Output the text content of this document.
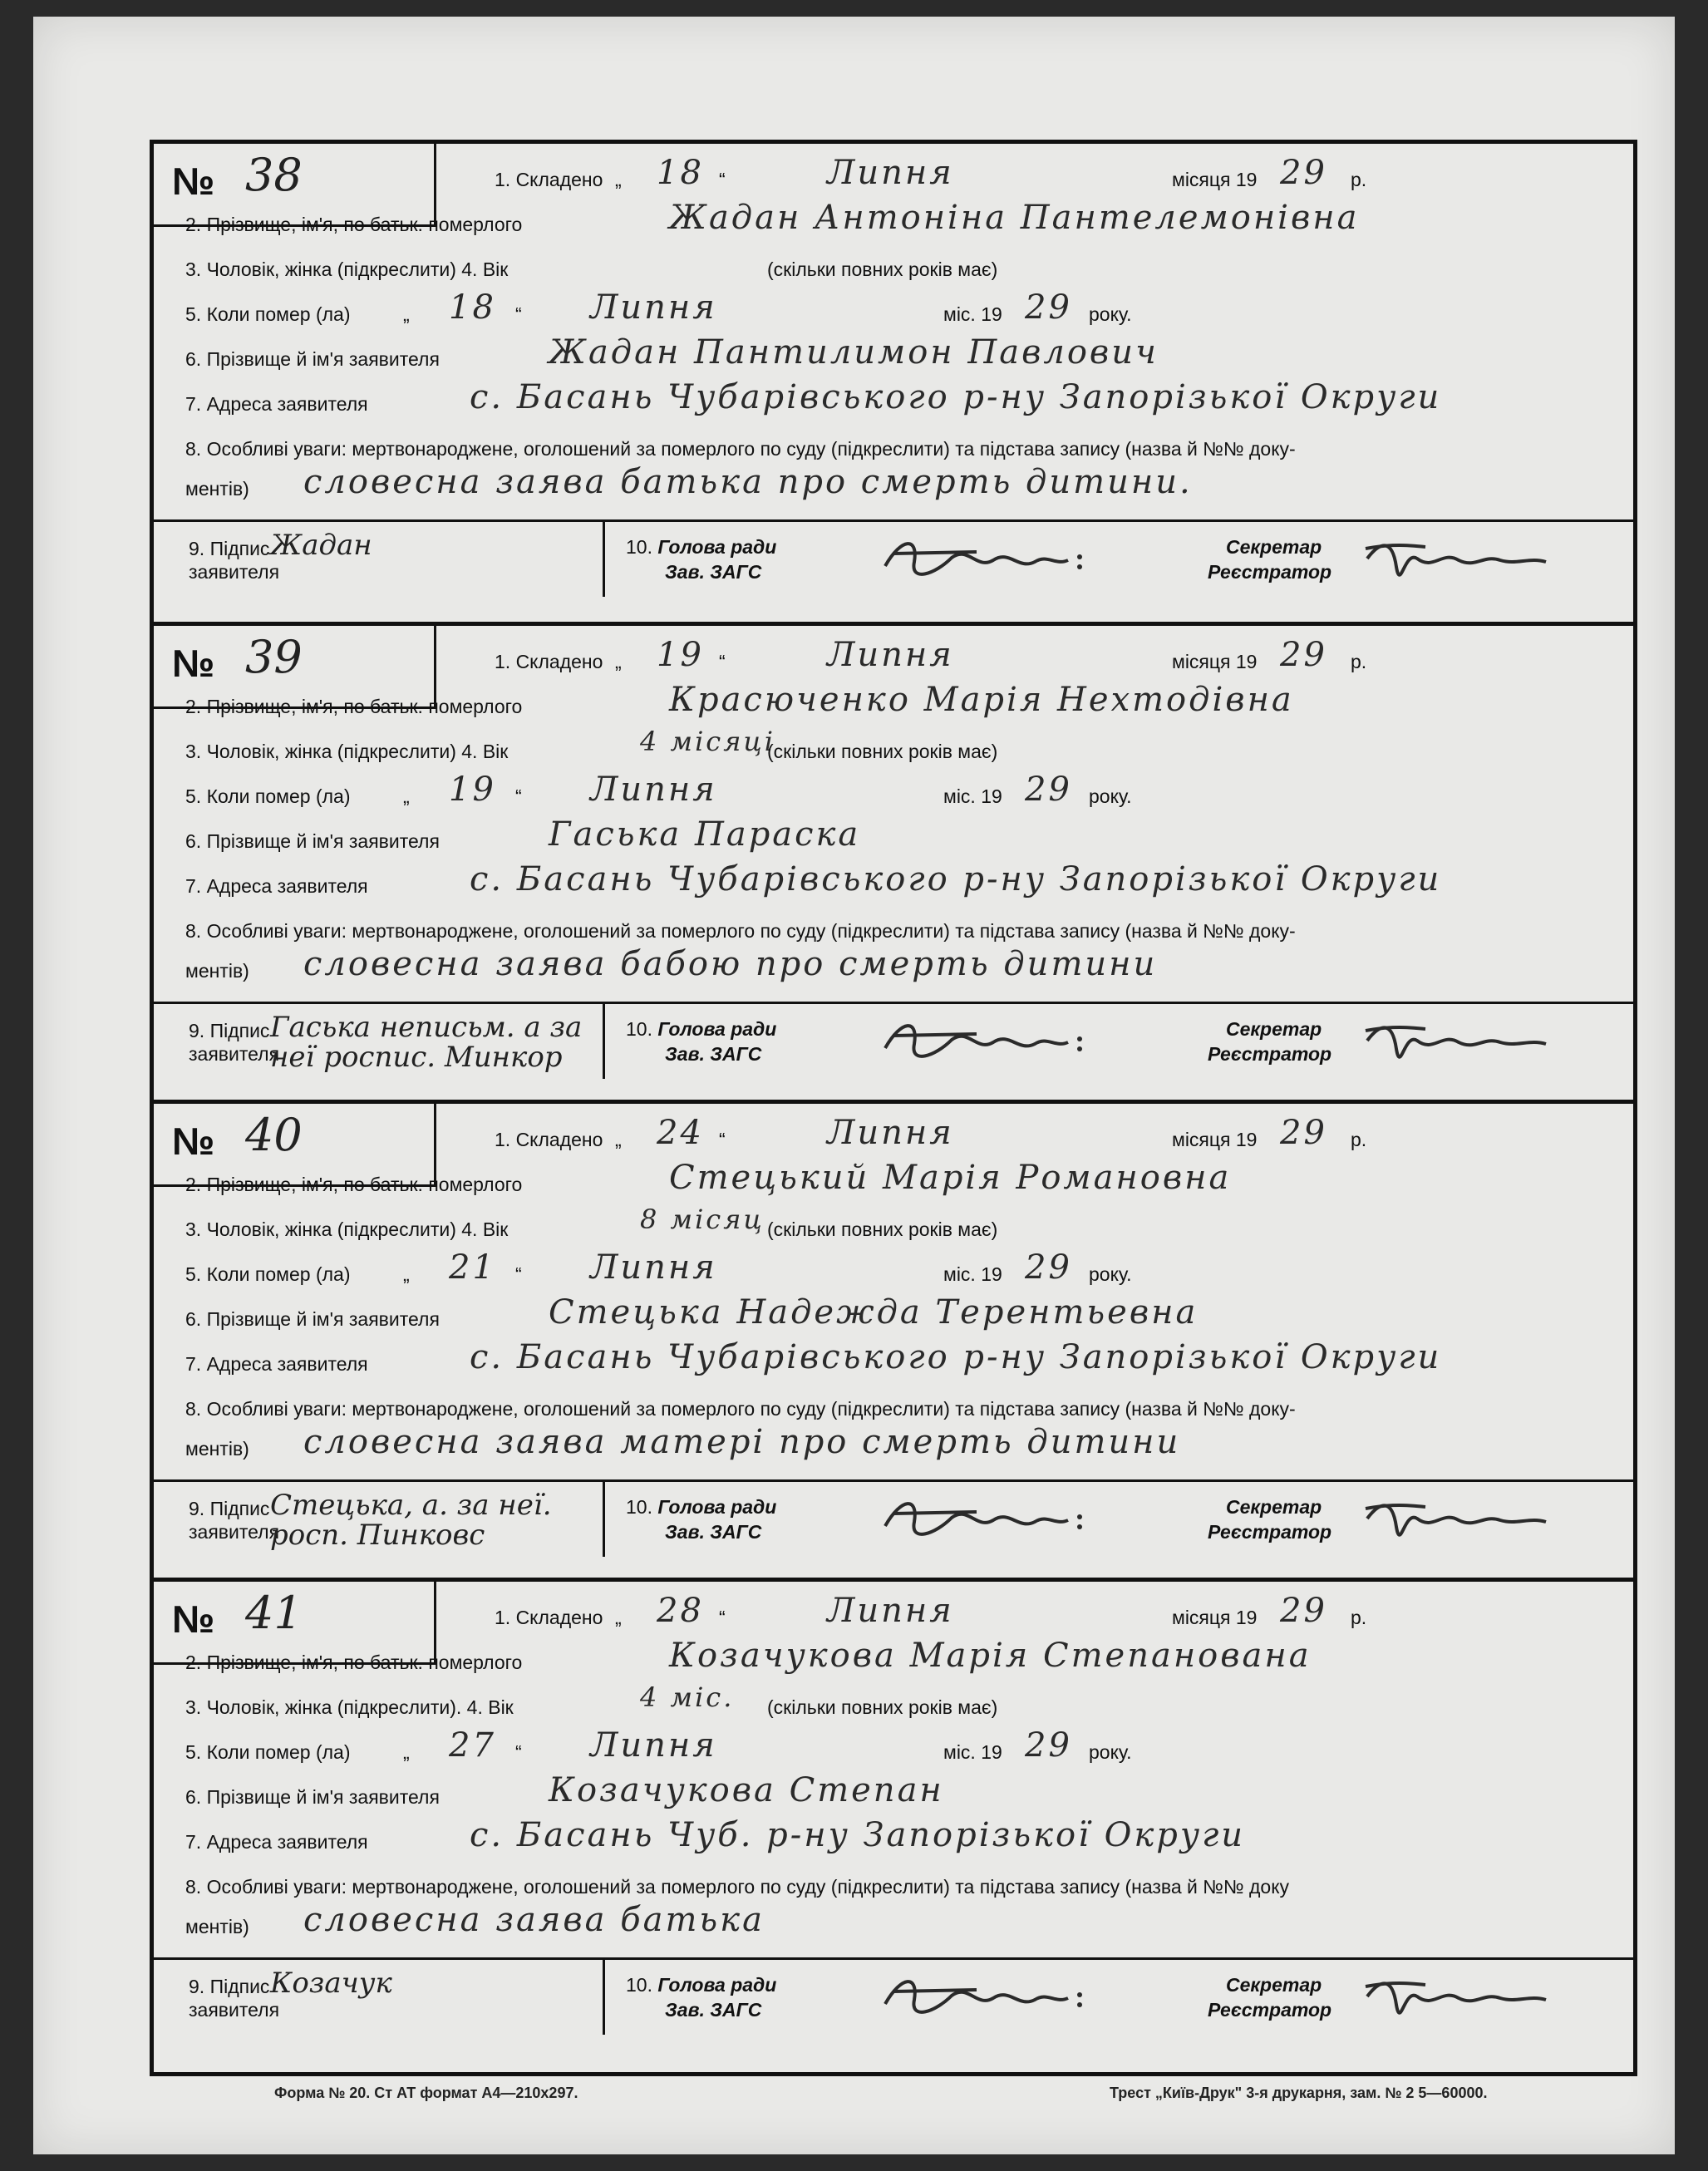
№ 38	1. Складено „ 18 “	Липня	місяця 19 29 р.
2. Прізвище, ім'я, по батьк. померлого	Жадан Антоніна Пантелемонівна
3. Чоловік, жінка (підкреслити) 4. Вік	(скільки повних років має)
5. Коли помер (ла)	„ 18 “ Липня	міс. 19 29 року.
6. Прізвище й ім'я заявителя	Жадан Пантилимон Павлович
7. Адреса заявителя	с. Басань Чубарівського р-ну Запорізької Округи
8. Особливі уваги: мертвонароджене, оголошений за померлого по суду (підкреслити) та підстава запису (назва й №№ доку-
ментів) словесна заява батька про смерть дитини.
9. Підпис заявителя
Жадан	10. Голова ради
Зав. ЗАГС
Секретар
Реєстратор
№ 39	1. Складено „ 19 “	Липня	місяця 19 29 р.
2. Прізвище, ім'я, по батьк. померлого	Красюченко Марія Нехтодівна
3. Чоловік, жінка (підкреслити) 4. Вік	4 місяці
(скільки повних років має)
5. Коли помер (ла)	„ 19 “ Липня	міс. 19 29 року.
6. Прізвище й ім'я заявителя	Гаська Параска
7. Адреса заявителя	с. Басань Чубарівського р-ну Запорізької Округи
8. Особливі уваги: мертвонароджене, оголошений за померлого по суду (підкреслити) та підстава запису (назва й №№ доку-
ментів) словесна заява бабою про смерть дитини
9. Підпис заявителя
Гаська неписьм. а за неї роспис. Минкор
10. Голова ради
Зав. ЗАГС
Секретар
Реєстратор
№ 40	1. Складено „ 24 “	Липня	місяця 19 29 р.
2. Прізвище, ім'я, по батьк. померлого	Стецький Марія Романовна
3. Чоловік, жінка (підкреслити) 4. Вік	8 місяц (скільки повних років має)
5. Коли помер (ла)	„ 21 “ Липня	міс. 19 29 року.
6. Прізвище й ім'я заявителя	Стецька Надежда Терентьевна
7. Адреса заявителя	с. Басань Чубарівського р-ну Запорізької Округи
8. Особливі уваги: мертвонароджене, оголошений за померлого по суду (підкреслити) та підстава запису (назва й №№ доку-
ментів) словесна заява матері про смерть дитини
9. Підпис заявителя
Стецька, а. за неї. росп. Пинковс
10. Голова ради
Зав. ЗАГС
Секретар
Реєстратор
№ 41	1. Складено „ 28 “	Липня	місяця 19 29 р.
2. Прізвище, ім'я, по батьк. померлого	Козачукова Марія Степанована
3. Чоловік, жінка (підкреслити). 4. Вік	4 міс. (скільки повних років має)
5. Коли помер (ла)	„ 27 “ Липня	міс. 19 29 року.
6. Прізвище й ім'я заявителя	Козачукова Степан
7. Адреса заявителя	с. Басань Чуб. р-ну Запорізької Округи
8. Особливі уваги: мертвонароджене, оголошений за померлого по суду (підкреслити) та підстава запису (назва й №№ доку
ментів) словесна заява батька
9. Підпис заявителя
Козачук	10. Голова ради
Зав. ЗАГС
Секретар
Реєстратор
Форма № 20. Ст АТ формат А4—210х297.	Трест „Київ-Друк" 3-я друкарня, зам. № 2 5—60000.
